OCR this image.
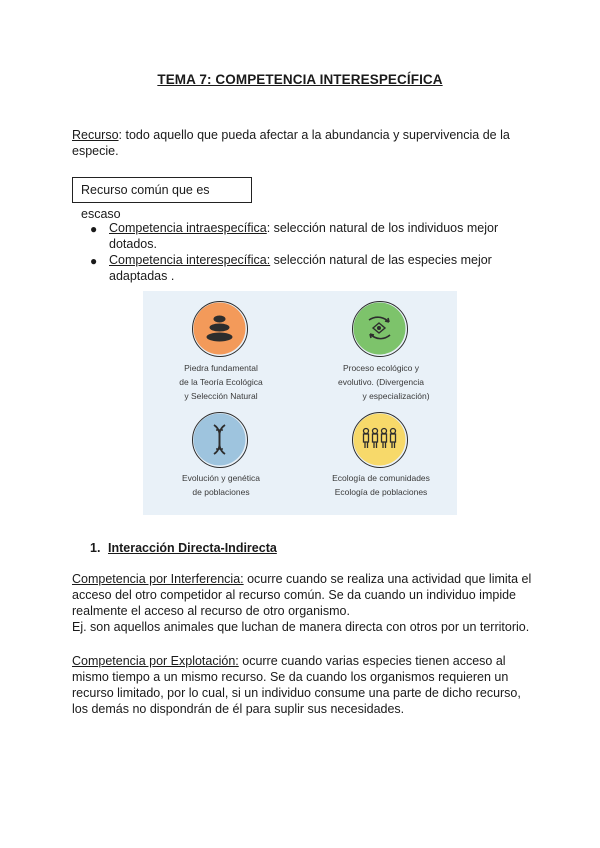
TEMA 7: COMPETENCIA INTERESPECÍFICA
Recurso: todo aquello que pueda afectar a la abundancia y supervivencia de la especie.
Recurso común que es escaso
● Competencia intraespecífica: selección natural de los individuos mejor dotados.
● Competencia interespecífica: selección natural de las especies mejor adaptadas .
Piedra fundamental
de la Teoría Ecológica
y Selección Natural
Proceso ecológico y
evolutivo. (Divergencia
y especialización)
Evolución y genética
de poblaciones
Ecología de comunidades
Ecología de poblaciones
1. Interacción Directa-Indirecta
Competencia por Interferencia: ocurre cuando se realiza una actividad que limita el acceso del otro competidor al recurso común. Se da cuando un individuo impide realmente el acceso al recurso de otro organismo.
Ej. son aquellos animales que luchan de manera directa con otros por un territorio.
Competencia por Explotación: ocurre cuando varias especies tienen acceso al mismo tiempo a un mismo recurso. Se da cuando los organismos requieren un recurso limitado, por lo cual, si un individuo consume una parte de dicho recurso, los demás no dispondrán de él para suplir sus necesidades.
